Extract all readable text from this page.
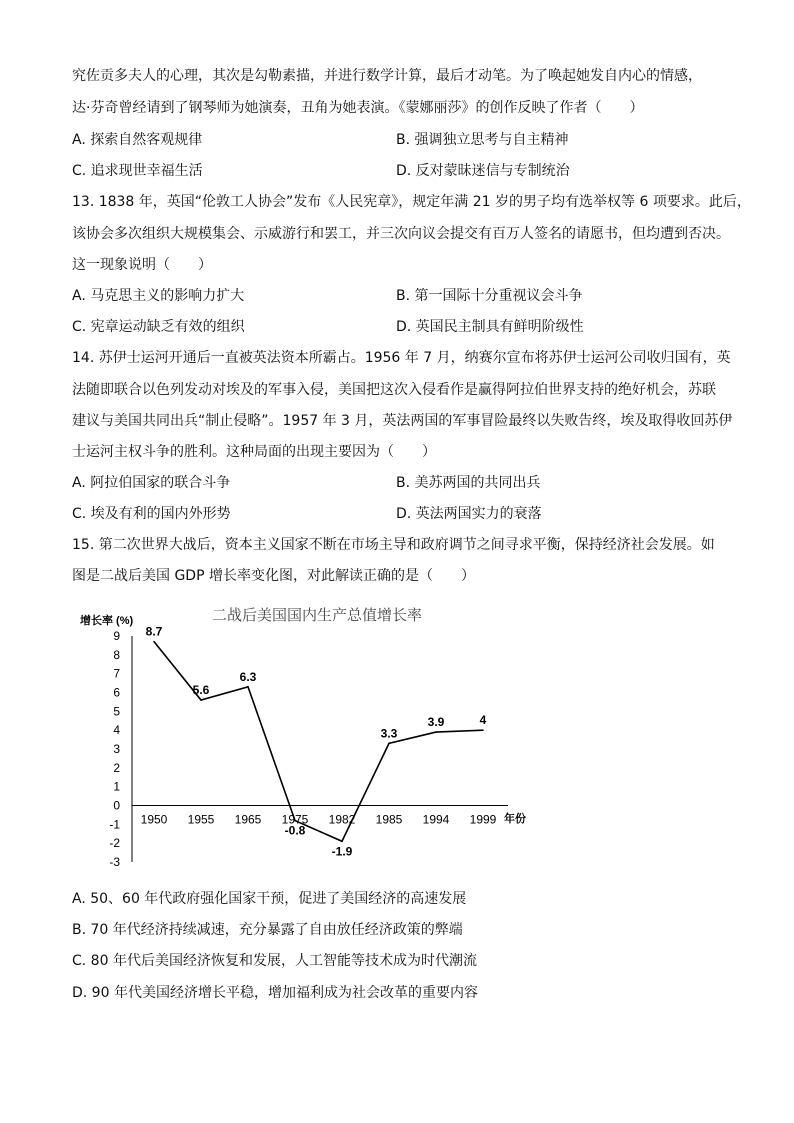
究佐贡多夫人的心理，其次是勾勒素描，并进行数学计算，最后才动笔。为了唤起她发自内心的情感，
达·芬奇曾经请到了钢琴师为她演奏，丑角为她表演。《蒙娜丽莎》的创作反映了作者（　　）
A. 探索自然客观规律	B. 强调独立思考与自主精神
C. 追求现世幸福生活	D. 反对蒙昧迷信与专制统治
13. 1838 年，英国“伦敦工人协会”发布《人民宪章》，规定年满 21 岁的男子均有选举权等 6 项要求。此后，
该协会多次组织大规模集会、示威游行和罢工，并三次向议会提交有百万人签名的请愿书，但均遭到否决。
这一现象说明（　　）
A. 马克思主义的影响力扩大	B. 第一国际十分重视议会斗争
C. 宪章运动缺乏有效的组织	D. 英国民主制具有鲜明阶级性
14. 苏伊士运河开通后一直被英法资本所霸占。1956 年 7 月，纳赛尔宣布将苏伊士运河公司收归国有，英
法随即联合以色列发动对埃及的军事入侵，美国把这次入侵看作是赢得阿拉伯世界支持的绝好机会，苏联
建议与美国共同出兵“制止侵略”。1957 年 3 月，英法两国的军事冒险最终以失败告终，埃及取得收回苏伊
士运河主权斗争的胜利。这种局面的出现主要因为（　　）
A. 阿拉伯国家的联合斗争	B. 美苏两国的共同出兵
C. 埃及有利的国内外形势	D. 英法两国实力的衰落
15. 第二次世界大战后，资本主义国家不断在市场主导和政府调节之间寻求平衡，保持经济社会发展。如
图是二战后美国 GDP 增长率变化图，对此解读正确的是（　　）
二战后美国国内生产总值增长率
增长率 (%)
年份
9
8
7
6
5
4
3
2
1
0
-1
-2
-3
1950 1955 1965 1975 1982 1985 1994 1999
8.7
5.6
6.3
-0.8
-1.9
3.3
3.9	4
A. 50、60 年代政府强化国家干预，促进了美国经济的高速发展
B. 70 年代经济持续减速，充分暴露了自由放任经济政策的弊端
C. 80 年代后美国经济恢复和发展，人工智能等技术成为时代潮流
D. 90 年代美国经济增长平稳，增加福利成为社会改革的重要内容
